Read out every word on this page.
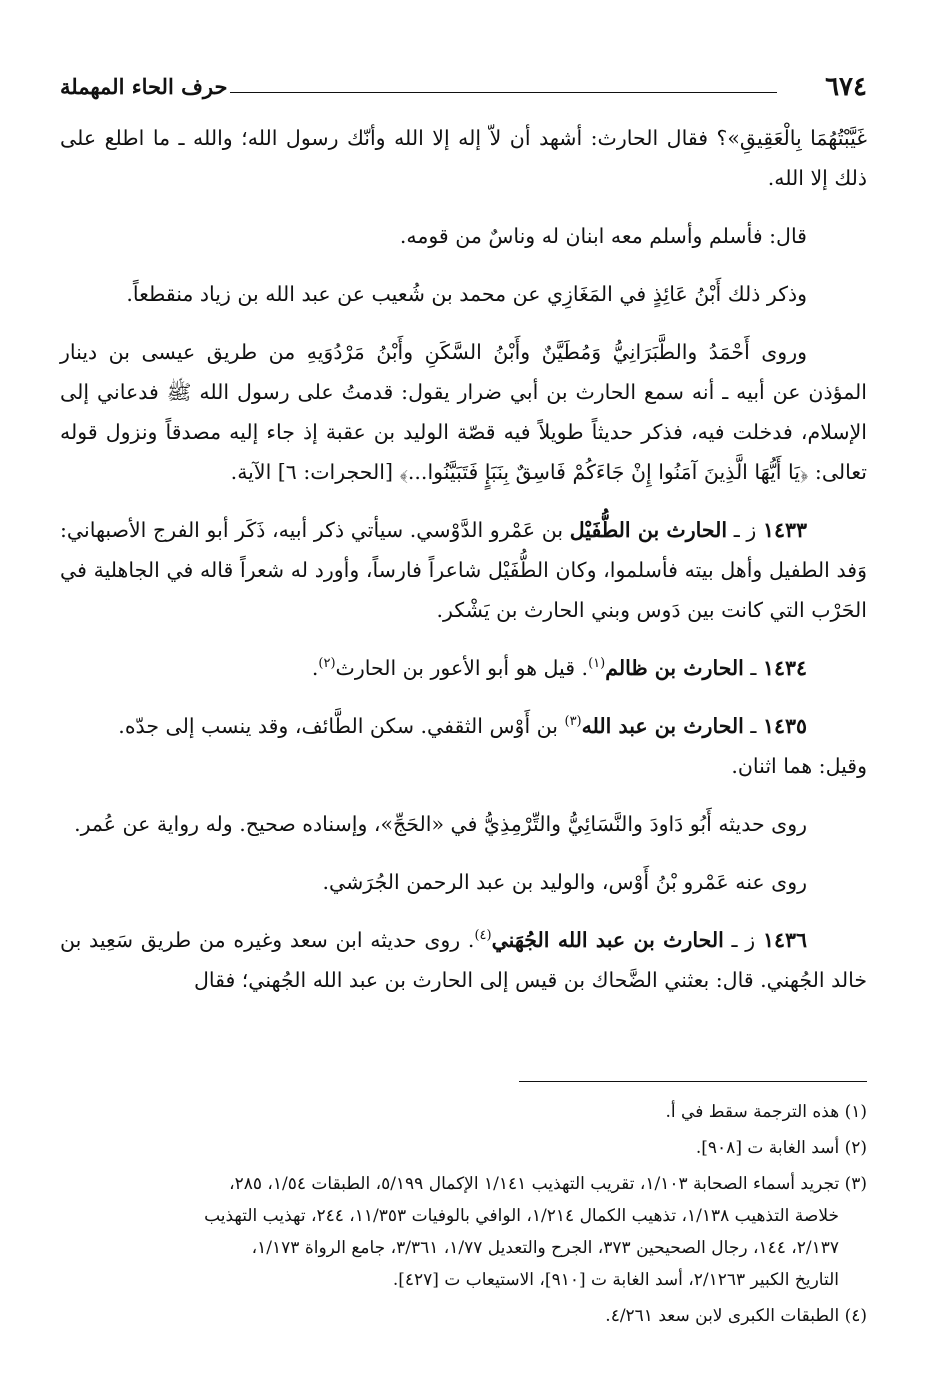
٦٧٤
حرف الحاء المهملة

غَيَّبْتُهُمَا بِالْعَقِيقِ»؟ فقال الحارث: أشهد أن لاّ إله إلا الله وأنّك رسول الله؛ والله ـ ما اطلع على ذلك إلا الله.

قال: فأسلم وأسلم معه ابنان له وناسٌ من قومه.

وذكر ذلك أَبْنُ عَائِذٍ في المَغَازِي عن محمد بن شُعيب عن عبد الله بن زياد منقطعاً.

وروى أَحْمَدُ والطَّبَرَانِيُّ وَمُطَيَّنٌ وأَبْنُ السَّكَنِ وأَبْنُ مَرْدُوَيهِ من طريق عيسى بن دينار المؤذن عن أبيه ـ أنه سمع الحارث بن أبي ضرار يقول: قدمتُ على رسول الله ﷺ فدعاني إلى الإسلام، فدخلت فيه، فذكر حديثاً طويلاً فيه قصّة الوليد بن عقبة إذ جاء إليه مصدقاً ونزول قوله تعالى: ﴿يَا أَيُّهَا الَّذِينَ آمَنُوا إِنْ جَاءَكُمْ فَاسِقٌ بِنَبَإٍ فَتَبَيَّنُوا...﴾ [الحجرات: ٦] الآية.

١٤٣٣ ز ـ الحارث بن الطُّفَيْل بن عَمْرو الدَّوْسي. سيأتي ذكر أبيه، ذَكَر أبو الفرج الأصبهاني: وَفد الطفيل وأهل بيته فأسلموا، وكان الطُّفَيْل شاعراً فارساً، وأورد له شعراً قاله في الجاهلية في الحَرْب التي كانت بين دَوس وبني الحارث بن يَشْكر.

١٤٣٤ ـ الحارث بن ظالم$^{(١)}$. قيل هو أبو الأعور بن الحارث$^{(٢)}$.

١٤٣٥ ـ الحارث بن عبد الله$^{(٣)}$ بن أَوْس الثقفي. سكن الطَّائف، وقد ينسب إلى جدّه.

وقيل: هما اثنان.

روى حديثه أَبُو دَاودَ والنَّسَائِيُّ والتِّرْمِذِيُّ في «الحَجِّ»، وإسناده صحيح. وله رواية عن عُمر.

روى عنه عَمْرو بْنُ أَوْس، والوليد بن عبد الرحمن الجُرَشي.

١٤٣٦ ز ـ الحارث بن عبد الله الجُهَني$^{(٤)}$. روى حديثه ابن سعد وغيره من طريق سَعِيد بن خالد الجُهني. قال: بعثني الضَّحاك بن قيس إلى الحارث بن عبد الله الجُهني؛ فقال

(١) هذه الترجمة سقط في أ.

(٢) أسد الغابة ت [٩٠٨].

(٣) تجريد أسماء الصحابة ١/١٠٣، تقريب التهذيب ١/١٤١ الإكمال ٥/١٩٩، الطبقات ١/٥٤، ٢٨٥،

خلاصة التذهيب ١/١٣٨، تذهيب الكمال ١/٢١٤، الوافي بالوفيات ١١/٣٥٣، ٢٤٤، تهذيب التهذيب

٢/١٣٧، ١٤٤، رجال الصحيحين ٣٧٣، الجرح والتعديل ١/٧٧، ٣/٣٦١، جامع الرواة ١/١٧٣،

التاريخ الكبير ٢/١٢٦٣، أسد الغابة ت [٩١٠]، الاستيعاب ت [٤٢٧].

(٤) الطبقات الكبرى لابن سعد ٤/٢٦١.
